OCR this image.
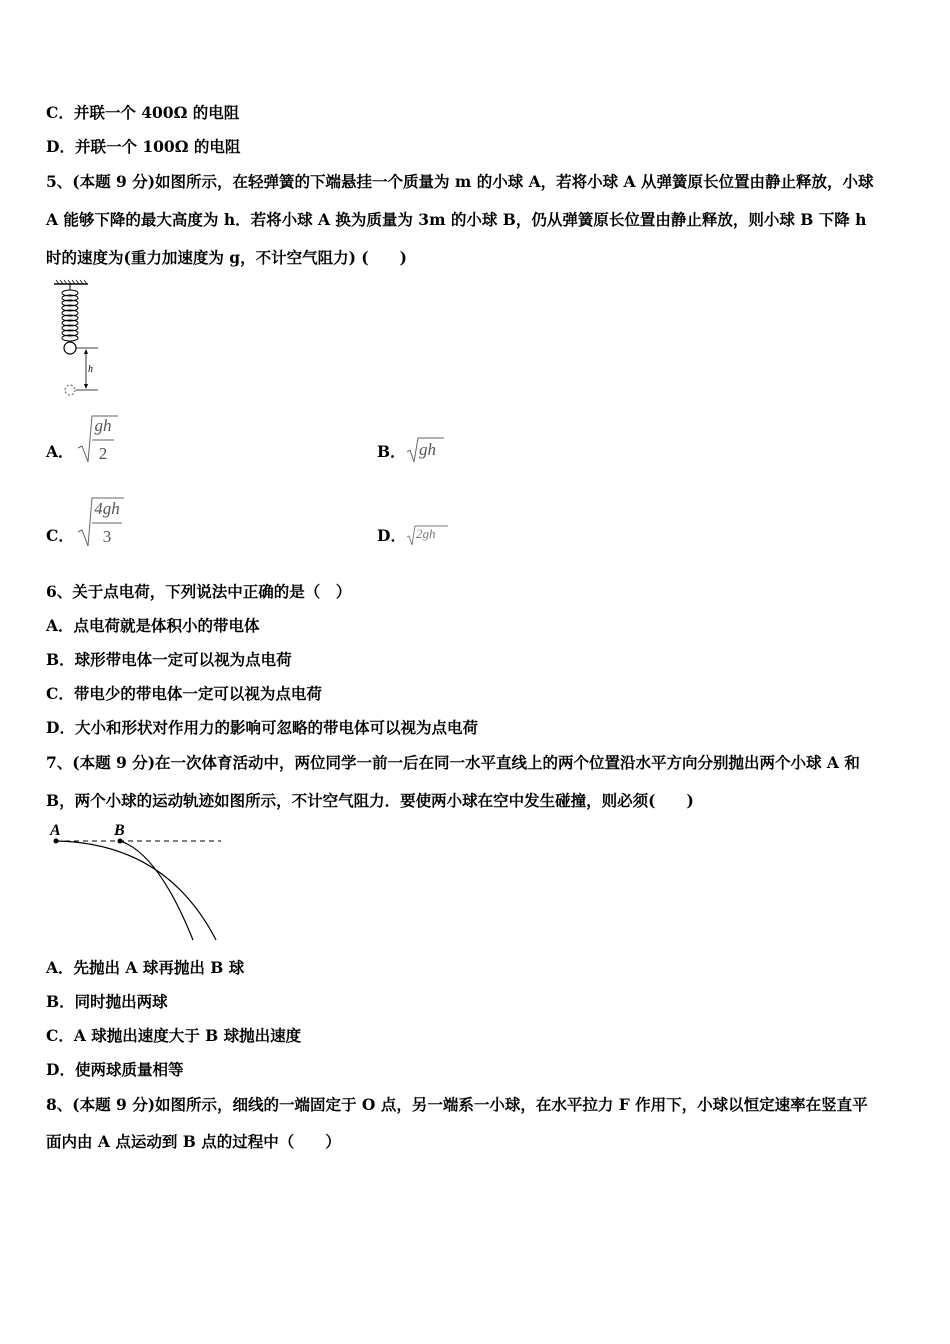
C．并联一个 400Ω 的电阻
D．并联一个 100Ω 的电阻
5、(本题 9 分)如图所示，在轻弹簧的下端悬挂一个质量为 m 的小球 A，若将小球 A 从弹簧原长位置由静止释放，小球
A 能够下降的最大高度为 h．若将小球 A 换为质量为 3m 的小球 B，仍从弹簧原长位置由静止释放，则小球 B 下降 h
时的速度为(重力加速度为 g，不计空气阻力) (　　)
h
A．
gh
2	B． gh
C．
4gh
3	D． 2gh
6、关于点电荷，下列说法中正确的是（　）
A．点电荷就是体积小的带电体
B．球形带电体一定可以视为点电荷
C．带电少的带电体一定可以视为点电荷
D．大小和形状对作用力的影响可忽略的带电体可以视为点电荷
7、(本题 9 分)在一次体育活动中，两位同学一前一后在同一水平直线上的两个位置沿水平方向分别抛出两个小球 A 和
B，两个小球的运动轨迹如图所示，不计空气阻力．要使两小球在空中发生碰撞，则必须(　　)
A	B
A．先抛出 A 球再抛出 B 球
B．同时抛出两球
C．A 球抛出速度大于 B 球抛出速度
D．使两球质量相等
8、(本题 9 分)如图所示，细线的一端固定于 O 点，另一端系一小球，在水平拉力 F 作用下，小球以恒定速率在竖直平
面内由 A 点运动到 B 点的过程中（　　）
